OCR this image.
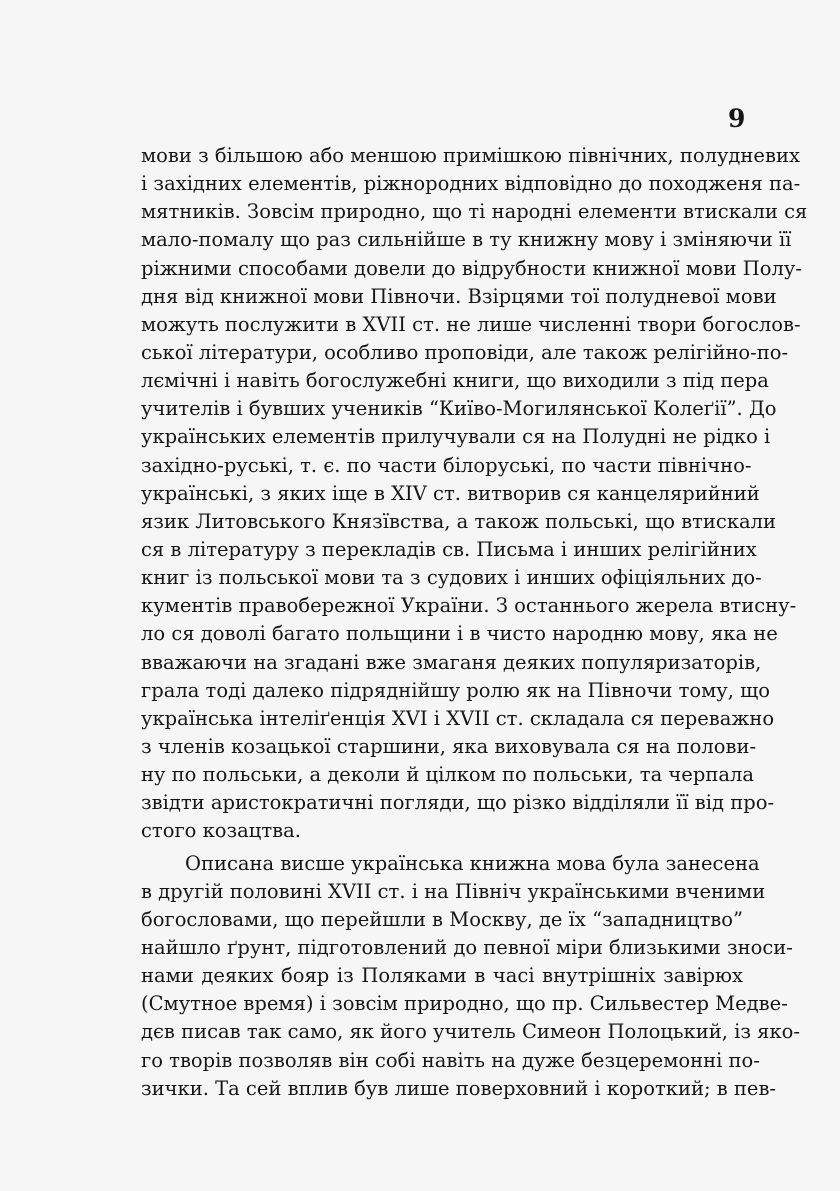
9
мови з більшою або меншою примішкою північних, полудневих
і західних елементів, ріжнородних відповідно до походженя па-
мятників. Зовсім природно, що ті народні елементи втискали ся
мало-помалу що раз сильнійше в ту книжну мову і зміняючи її
ріжними способами довели до відрубности книжної мови Полу-
дня від книжної мови Півночи. Взірцями тої полудневої мови
можуть послужити в XVII ст. не лише численні твори богослов-
ської літератури, особливо проповіди, але також релігійно-по-
лємічні і навіть богослужебні книги, що виходили з під пера
учителів і бувших учеників “Київо-Могилянської Колеґії”. До
українських елементів прилучували ся на Полудні не рідко і
західно-руські, т. є. по части білоруські, по части північно-
українські, з яких іще в XIV ст. витворив ся канцелярийний
язик Литовського Князївства, а також польські, що втискали
ся в літературу з перекладів св. Письма і инших релігійних
книг із польської мови та з судових і инших офіціяльних до-
кументів правобережної України. З останнього жерела втисну-
ло ся доволі багато польщини і в чисто народню мову, яка не
вважаючи на згадані вже змаганя деяких популяризаторів,
грала тоді далеко підряднійшу ролю як на Півночи тому, що
українська інтеліґенція XVI і XVII ст. складала ся переважно
з членів козацької старшини, яка виховувала ся на полови-
ну по польськи, а деколи й цілком по польськи, та черпала
звідти аристократичні погляди, що різко відділяли її від про-
стого козацтва.
Описана висше українська книжна мова була занесена
в другій половині XVII ст. і на Північ українськими вченими
богословами, що перейшли в Москву, де їх “западництво”
найшло ґрунт, підготовлений до певної міри близькими зноси-
нами деяких бояр із Поляками в часі внутрішніх завірюх
(Смутное время) і зовсім природно, що пр. Сильвестер Медве-
дєв писав так само, як його учитель Симеон Полоцький, із яко-
го творів позволяв він собі навіть на дуже безцеремонні по-
зички. Та сей вплив був лише поверховний і короткий; в пев-
